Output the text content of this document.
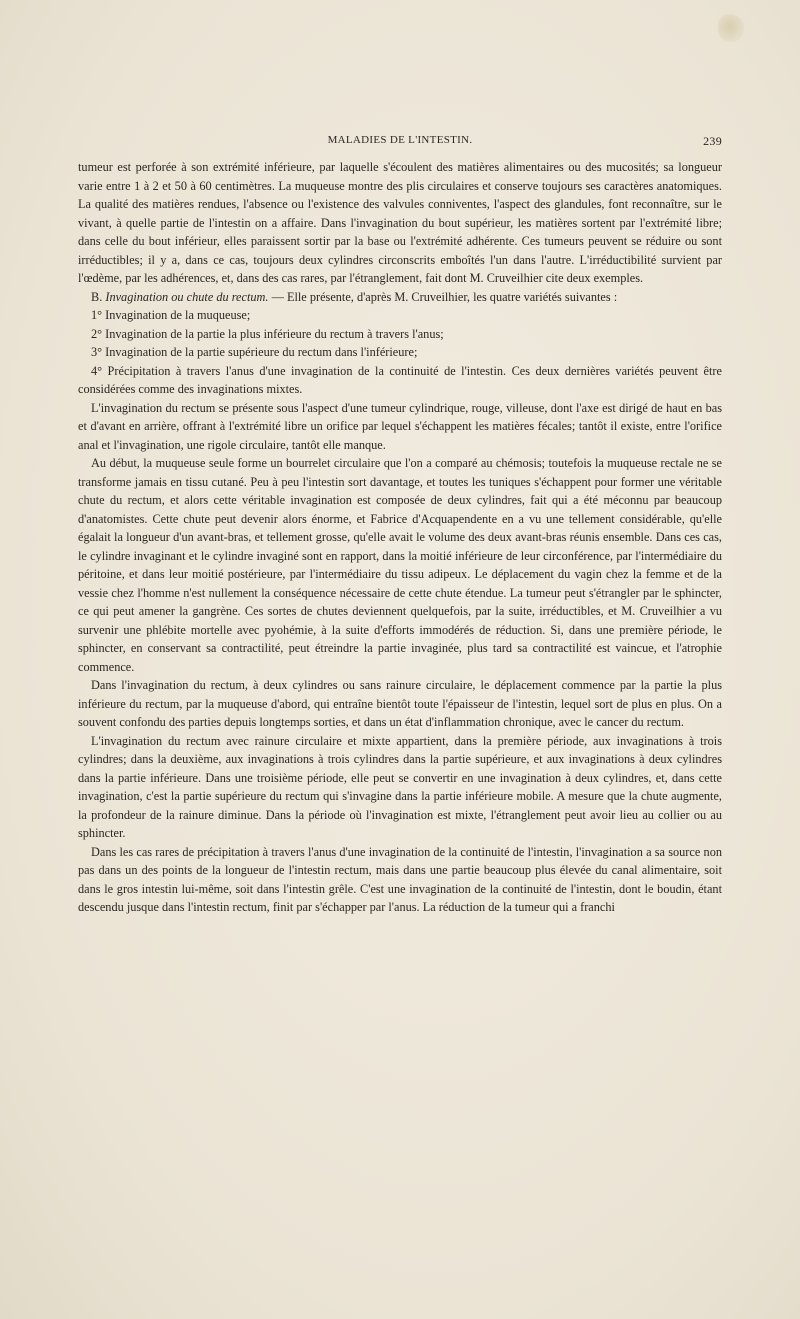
MALADIES DE L'INTESTIN.	239

tumeur est perforée à son extrémité inférieure, par laquelle s'écoulent des matières alimentaires ou des mucosités; sa longueur varie entre 1 à 2 et 50 à 60 centimètres. La muqueuse montre des plis circulaires et conserve toujours ses caractères anatomiques. La qualité des matières rendues, l'absence ou l'existence des valvules conniventes, l'aspect des glandules, font reconnaître, sur le vivant, à quelle partie de l'intestin on a affaire. Dans l'invagination du bout supérieur, les matières sortent par l'extrémité libre; dans celle du bout inférieur, elles paraissent sortir par la base ou l'extrémité adhérente. Ces tumeurs peuvent se réduire ou sont irréductibles; il y a, dans ce cas, toujours deux cylindres circonscrits emboîtés l'un dans l'autre. L'irréductibilité survient par l'œdème, par les adhérences, et, dans des cas rares, par l'étranglement, fait dont M. Cruveilhier cite deux exemples.

B. Invagination ou chute du rectum. — Elle présente, d'après M. Cruveilhier, les quatre variétés suivantes :

1° Invagination de la muqueuse;

2° Invagination de la partie la plus inférieure du rectum à travers l'anus;

3° Invagination de la partie supérieure du rectum dans l'inférieure;

4° Précipitation à travers l'anus d'une invagination de la continuité de l'intestin. Ces deux dernières variétés peuvent être considérées comme des invaginations mixtes.

L'invagination du rectum se présente sous l'aspect d'une tumeur cylindrique, rouge, villeuse, dont l'axe est dirigé de haut en bas et d'avant en arrière, offrant à l'extrémité libre un orifice par lequel s'échappent les matières fécales; tantôt il existe, entre l'orifice anal et l'invagination, une rigole circulaire, tantôt elle manque.

Au début, la muqueuse seule forme un bourrelet circulaire que l'on a comparé au chémosis; toutefois la muqueuse rectale ne se transforme jamais en tissu cutané. Peu à peu l'intestin sort davantage, et toutes les tuniques s'échappent pour former une véritable chute du rectum, et alors cette véritable invagination est composée de deux cylindres, fait qui a été méconnu par beaucoup d'anatomistes. Cette chute peut devenir alors énorme, et Fabrice d'Acquapendente en a vu une tellement considérable, qu'elle égalait la longueur d'un avant-bras, et tellement grosse, qu'elle avait le volume des deux avant-bras réunis ensemble. Dans ces cas, le cylindre invaginant et le cylindre invaginé sont en rapport, dans la moitié inférieure de leur circonférence, par l'intermédiaire du péritoine, et dans leur moitié postérieure, par l'intermédiaire du tissu adipeux. Le déplacement du vagin chez la femme et de la vessie chez l'homme n'est nullement la conséquence nécessaire de cette chute étendue. La tumeur peut s'étrangler par le sphincter, ce qui peut amener la gangrène. Ces sortes de chutes deviennent quelquefois, par la suite, irréductibles, et M. Cruveilhier a vu survenir une phlébite mortelle avec pyohémie, à la suite d'efforts immodérés de réduction. Si, dans une première période, le sphincter, en conservant sa contractilité, peut étreindre la partie invaginée, plus tard sa contractilité est vaincue, et l'atrophie commence.

Dans l'invagination du rectum, à deux cylindres ou sans rainure circulaire, le déplacement commence par la partie la plus inférieure du rectum, par la muqueuse d'abord, qui entraîne bientôt toute l'épaisseur de l'intestin, lequel sort de plus en plus. On a souvent confondu des parties depuis longtemps sorties, et dans un état d'inflammation chronique, avec le cancer du rectum.

L'invagination du rectum avec rainure circulaire et mixte appartient, dans la première période, aux invaginations à trois cylindres; dans la deuxième, aux invaginations à trois cylindres dans la partie supérieure, et aux invaginations à deux cylindres dans la partie inférieure. Dans une troisième période, elle peut se convertir en une invagination à deux cylindres, et, dans cette invagination, c'est la partie supérieure du rectum qui s'invagine dans la partie inférieure mobile. A mesure que la chute augmente, la profondeur de la rainure diminue. Dans la période où l'invagination est mixte, l'étranglement peut avoir lieu au collier ou au sphincter.

Dans les cas rares de précipitation à travers l'anus d'une invagination de la continuité de l'intestin, l'invagination a sa source non pas dans un des points de la longueur de l'intestin rectum, mais dans une partie beaucoup plus élevée du canal alimentaire, soit dans le gros intestin lui-même, soit dans l'intestin grêle. C'est une invagination de la continuité de l'intestin, dont le boudin, étant descendu jusque dans l'intestin rectum, finit par s'échapper par l'anus. La réduction de la tumeur qui a franchi
